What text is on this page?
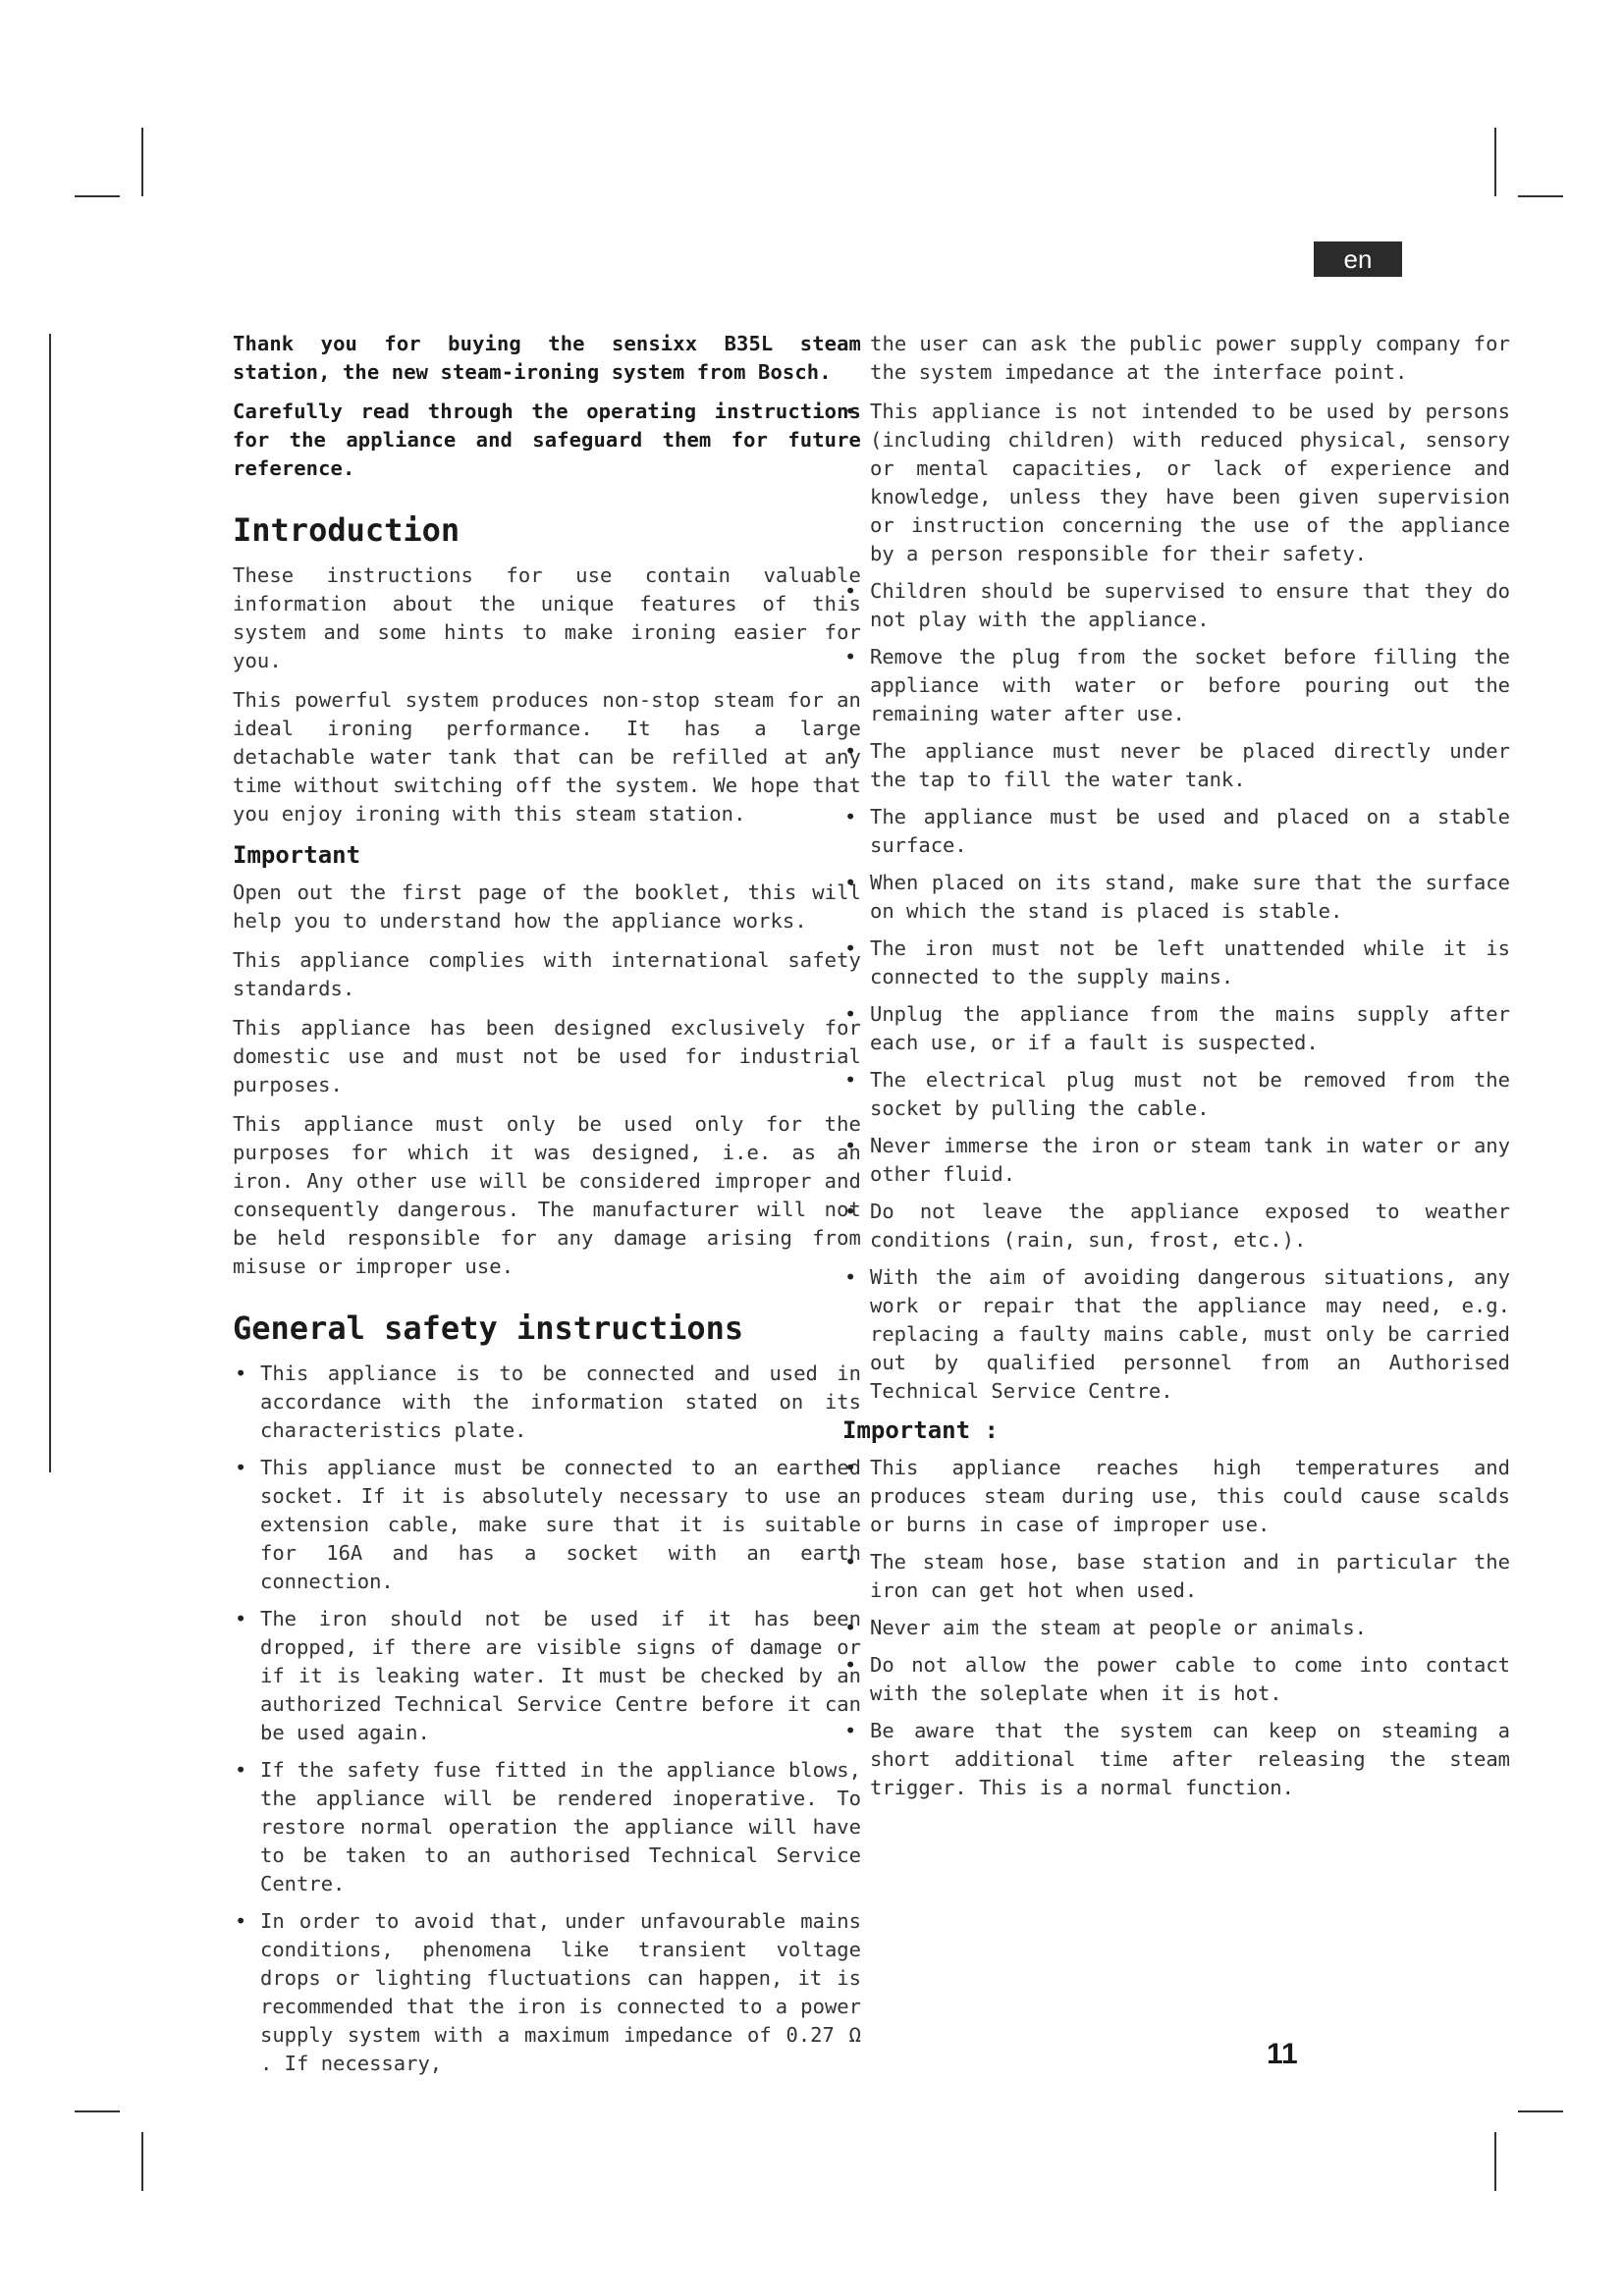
en

Thank you for buying the sensixx B35L steam station, the new steam-ironing system from Bosch.

Carefully read through the operating instructions for the appliance and safeguard them for future reference.

Introduction

These instructions for use contain valuable information about the unique features of this system and some hints to make ironing easier for you.

This powerful system produces non-stop steam for an ideal ironing performance. It has a large detachable water tank that can be refilled at any time without switching off the system. We hope that you enjoy ironing with this steam station.

Important

Open out the first page of the booklet, this will help you to understand how the appliance works.

This appliance complies with international safety standards.

This appliance has been designed exclusively for domestic use and must not be used for industrial purposes.

This appliance must only be used only for the purposes for which it was designed, i.e. as an iron. Any other use will be considered improper and consequently dangerous. The manufacturer will not be held responsible for any damage arising from misuse or improper use.

General safety instructions
• This appliance is to be connected and used in accordance with the information stated on its characteristics plate.
• This appliance must be connected to an earthed socket. If it is absolutely necessary to use an extension cable, make sure that it is suitable for 16A and has a socket with an earth connection.
• The iron should not be used if it has been dropped, if there are visible signs of damage or if it is leaking water. It must be checked by an authorized Technical Service Centre before it can be used again.
• If the safety fuse fitted in the appliance blows, the appliance will be rendered inoperative. To restore normal operation the appliance will have to be taken to an authorised Technical Service Centre.
• In order to avoid that, under unfavourable mains conditions, phenomena like transient voltage drops or lighting fluctuations can happen, it is recommended that the iron is connected to a power supply system with a maximum impedance of 0.27 Ω . If necessary,

the user can ask the public power supply company for the system impedance at the interface point.

• This appliance is not intended to be used by persons (including children) with reduced physical, sensory or mental capacities, or lack of experience and knowledge, unless they have been given supervision or instruction concerning the use of the appliance by a person responsible for their safety.
• Children should be supervised to ensure that they do not play with the appliance.
• Remove the plug from the socket before filling the appliance with water or before pouring out the remaining water after use.
• The appliance must never be placed directly under the tap to fill the water tank.
• The appliance must be used and placed on a stable surface.
• When placed on its stand, make sure that the surface on which the stand is placed is stable.
• The iron must not be left unattended while it is connected to the supply mains.
• Unplug the appliance from the mains supply after each use, or if a fault is suspected.
• The electrical plug must not be removed from the socket by pulling the cable.
• Never immerse the iron or steam tank in water or any other fluid.
• Do not leave the appliance exposed to weather conditions (rain, sun, frost, etc.).
• With the aim of avoiding dangerous situations, any work or repair that the appliance may need, e.g. replacing a faulty mains cable, must only be carried out by qualified personnel from an Authorised Technical Service Centre.
Important :
• This appliance reaches high temperatures and produces steam during use, this could cause scalds or burns in case of improper use.
• The steam hose, base station and in particular the iron can get hot when used.
• Never aim the steam at people or animals.
• Do not allow the power cable to come into contact with the soleplate when it is hot.
• Be aware that the system can keep on steaming a short additional time after releasing the steam trigger. This is a normal function.
11
